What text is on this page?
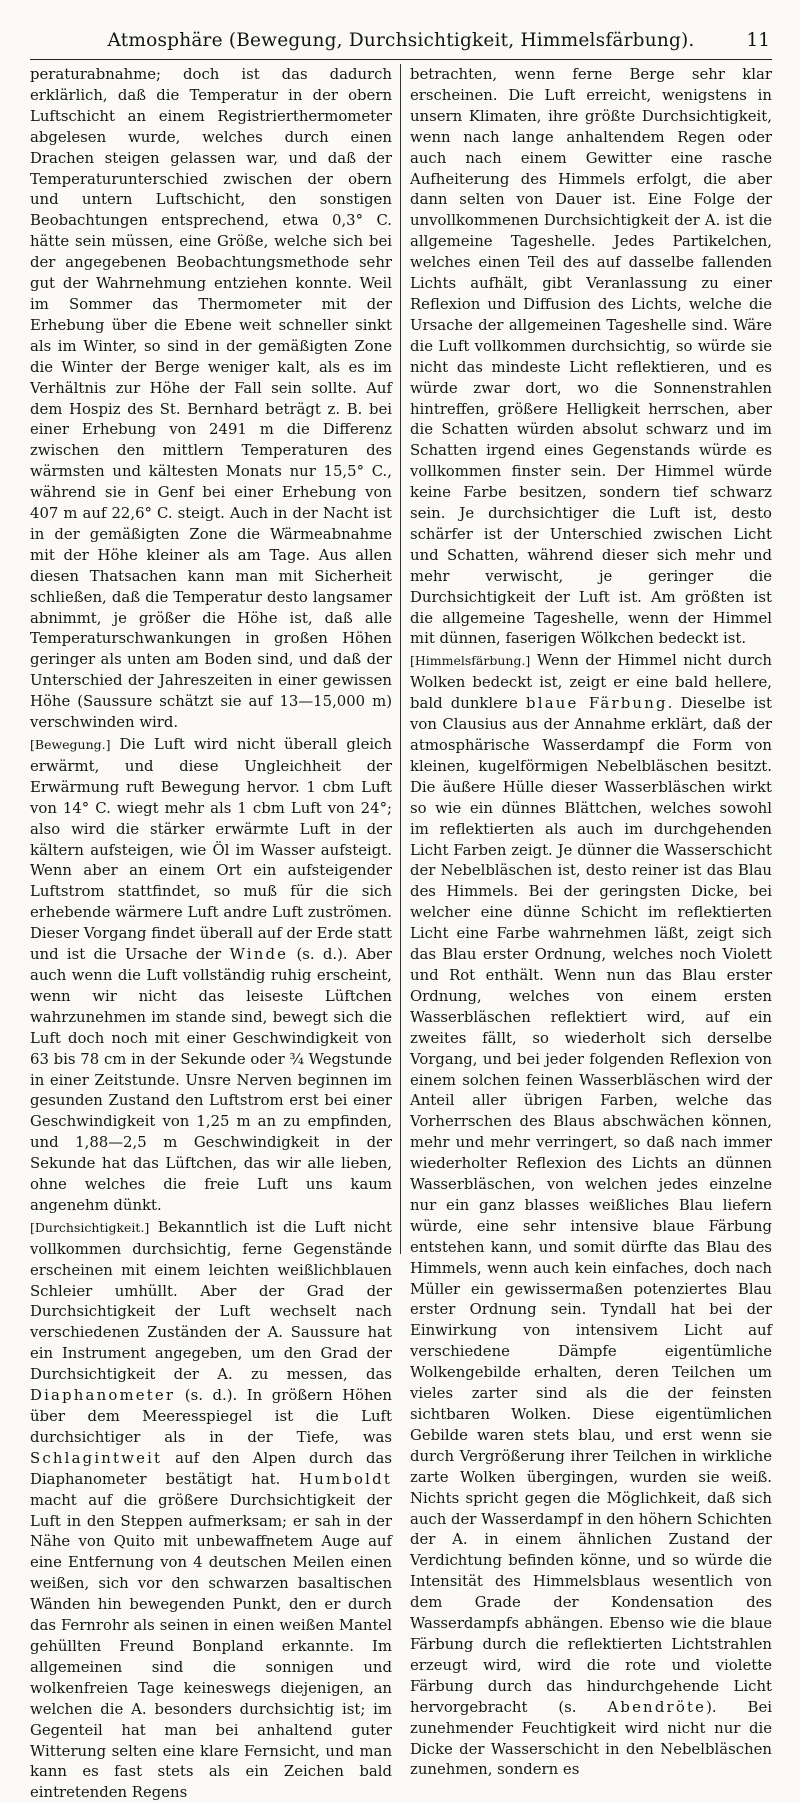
Atmosphäre (Bewegung, Durchsichtigkeit, Himmelsfärbung).	11

peraturabnahme; doch ist das dadurch erklärlich, daß die Temperatur in der obern Luftschicht an einem Registrierthermometer abgelesen wurde, welches durch einen Drachen steigen gelassen war, und daß der Temperaturunterschied zwischen der obern und untern Luftschicht, den sonstigen Beobachtungen entsprechend, etwa 0,3° C. hätte sein müssen, eine Größe, welche sich bei der angegebenen Beobachtungsmethode sehr gut der Wahrnehmung entziehen konnte. Weil im Sommer das Thermometer mit der Erhebung über die Ebene weit schneller sinkt als im Winter, so sind in der gemäßigten Zone die Winter der Berge weniger kalt, als es im Verhältnis zur Höhe der Fall sein sollte. Auf dem Hospiz des St. Bernhard beträgt z. B. bei einer Erhebung von 2491 m die Differenz zwischen den mittlern Temperaturen des wärmsten und kältesten Monats nur 15,5° C., während sie in Genf bei einer Erhebung von 407 m auf 22,6° C. steigt. Auch in der Nacht ist in der gemäßigten Zone die Wärmeabnahme mit der Höhe kleiner als am Tage. Aus allen diesen Thatsachen kann man mit Sicherheit schließen, daß die Temperatur desto langsamer abnimmt, je größer die Höhe ist, daß alle Temperaturschwankungen in großen Höhen geringer als unten am Boden sind, und daß der Unterschied der Jahreszeiten in einer gewissen Höhe (Saussure schätzt sie auf 13—15,000 m) verschwinden wird.

[Bewegung.] Die Luft wird nicht überall gleich erwärmt, und diese Ungleichheit der Erwärmung ruft Bewegung hervor. 1 cbm Luft von 14° C. wiegt mehr als 1 cbm Luft von 24°; also wird die stärker erwärmte Luft in der kältern aufsteigen, wie Öl im Wasser aufsteigt. Wenn aber an einem Ort ein aufsteigender Luftstrom stattfindet, so muß für die sich erhebende wärmere Luft andre Luft zuströmen. Dieser Vorgang findet überall auf der Erde statt und ist die Ursache der Winde (s. d.). Aber auch wenn die Luft vollständig ruhig erscheint, wenn wir nicht das leiseste Lüftchen wahrzunehmen im stande sind, bewegt sich die Luft doch noch mit einer Geschwindigkeit von 63 bis 78 cm in der Sekunde oder ¾ Wegstunde in einer Zeitstunde. Unsre Nerven beginnen im gesunden Zustand den Luftstrom erst bei einer Geschwindigkeit von 1,25 m an zu empfinden, und 1,88—2,5 m Geschwindigkeit in der Sekunde hat das Lüftchen, das wir alle lieben, ohne welches die freie Luft uns kaum angenehm dünkt.

[Durchsichtigkeit.] Bekanntlich ist die Luft nicht vollkommen durchsichtig, ferne Gegenstände erscheinen mit einem leichten weißlichblauen Schleier umhüllt. Aber der Grad der Durchsichtigkeit der Luft wechselt nach verschiedenen Zuständen der A. Saussure hat ein Instrument angegeben, um den Grad der Durchsichtigkeit der A. zu messen, das Diaphanometer (s. d.). In größern Höhen über dem Meeresspiegel ist die Luft durchsichtiger als in der Tiefe, was Schlagintweit auf den Alpen durch das Diaphanometer bestätigt hat. Humboldt macht auf die größere Durchsichtigkeit der Luft in den Steppen aufmerksam; er sah in der Nähe von Quito mit unbewaffnetem Auge auf eine Entfernung von 4 deutschen Meilen einen weißen, sich vor den schwarzen basaltischen Wänden hin bewegenden Punkt, den er durch das Fernrohr als seinen in einen weißen Mantel gehüllten Freund Bonpland erkannte. Im allgemeinen sind die sonnigen und wolkenfreien Tage keineswegs diejenigen, an welchen die A. besonders durchsichtig ist; im Gegenteil hat man bei anhaltend guter Witterung selten eine klare Fernsicht, und man kann es fast stets als ein Zeichen bald eintretenden Regens

betrachten, wenn ferne Berge sehr klar erscheinen. Die Luft erreicht, wenigstens in unsern Klimaten, ihre größte Durchsichtigkeit, wenn nach lange anhaltendem Regen oder auch nach einem Gewitter eine rasche Aufheiterung des Himmels erfolgt, die aber dann selten von Dauer ist. Eine Folge der unvollkommenen Durchsichtigkeit der A. ist die allgemeine Tageshelle. Jedes Partikelchen, welches einen Teil des auf dasselbe fallenden Lichts aufhält, gibt Veranlassung zu einer Reflexion und Diffusion des Lichts, welche die Ursache der allgemeinen Tageshelle sind. Wäre die Luft vollkommen durchsichtig, so würde sie nicht das mindeste Licht reflektieren, und es würde zwar dort, wo die Sonnenstrahlen hintreffen, größere Helligkeit herrschen, aber die Schatten würden absolut schwarz und im Schatten irgend eines Gegenstands würde es vollkommen finster sein. Der Himmel würde keine Farbe besitzen, sondern tief schwarz sein. Je durchsichtiger die Luft ist, desto schärfer ist der Unterschied zwischen Licht und Schatten, während dieser sich mehr und mehr verwischt, je geringer die Durchsichtigkeit der Luft ist. Am größten ist die allgemeine Tageshelle, wenn der Himmel mit dünnen, faserigen Wölkchen bedeckt ist.

[Himmelsfärbung.] Wenn der Himmel nicht durch Wolken bedeckt ist, zeigt er eine bald hellere, bald dunklere blaue Färbung. Dieselbe ist von Clausius aus der Annahme erklärt, daß der atmosphärische Wasserdampf die Form von kleinen, kugelförmigen Nebelbläschen besitzt. Die äußere Hülle dieser Wasserbläschen wirkt so wie ein dünnes Blättchen, welches sowohl im reflektierten als auch im durchgehenden Licht Farben zeigt. Je dünner die Wasserschicht der Nebelbläschen ist, desto reiner ist das Blau des Himmels. Bei der geringsten Dicke, bei welcher eine dünne Schicht im reflektierten Licht eine Farbe wahrnehmen läßt, zeigt sich das Blau erster Ordnung, welches noch Violett und Rot enthält. Wenn nun das Blau erster Ordnung, welches von einem ersten Wasserbläschen reflektiert wird, auf ein zweites fällt, so wiederholt sich derselbe Vorgang, und bei jeder folgenden Reflexion von einem solchen feinen Wasserbläschen wird der Anteil aller übrigen Farben, welche das Vorherrschen des Blaus abschwächen können, mehr und mehr verringert, so daß nach immer wiederholter Reflexion des Lichts an dünnen Wasserbläschen, von welchen jedes einzelne nur ein ganz blasses weißliches Blau liefern würde, eine sehr intensive blaue Färbung entstehen kann, und somit dürfte das Blau des Himmels, wenn auch kein einfaches, doch nach Müller ein gewissermaßen potenziertes Blau erster Ordnung sein. Tyndall hat bei der Einwirkung von intensivem Licht auf verschiedene Dämpfe eigentümliche Wolkengebilde erhalten, deren Teilchen um vieles zarter sind als die der feinsten sichtbaren Wolken. Diese eigentümlichen Gebilde waren stets blau, und erst wenn sie durch Vergrößerung ihrer Teilchen in wirkliche zarte Wolken übergingen, wurden sie weiß. Nichts spricht gegen die Möglichkeit, daß sich auch der Wasserdampf in den höhern Schichten der A. in einem ähnlichen Zustand der Verdichtung befinden könne, und so würde die Intensität des Himmelsblaus wesentlich von dem Grade der Kondensation des Wasserdampfs abhängen. Ebenso wie die blaue Färbung durch die reflektierten Lichtstrahlen erzeugt wird, wird die rote und violette Färbung durch das hindurchgehende Licht hervorgebracht (s. Abendröte). Bei zunehmender Feuchtigkeit wird nicht nur die Dicke der Wasserschicht in den Nebelbläschen zunehmen, sondern es
